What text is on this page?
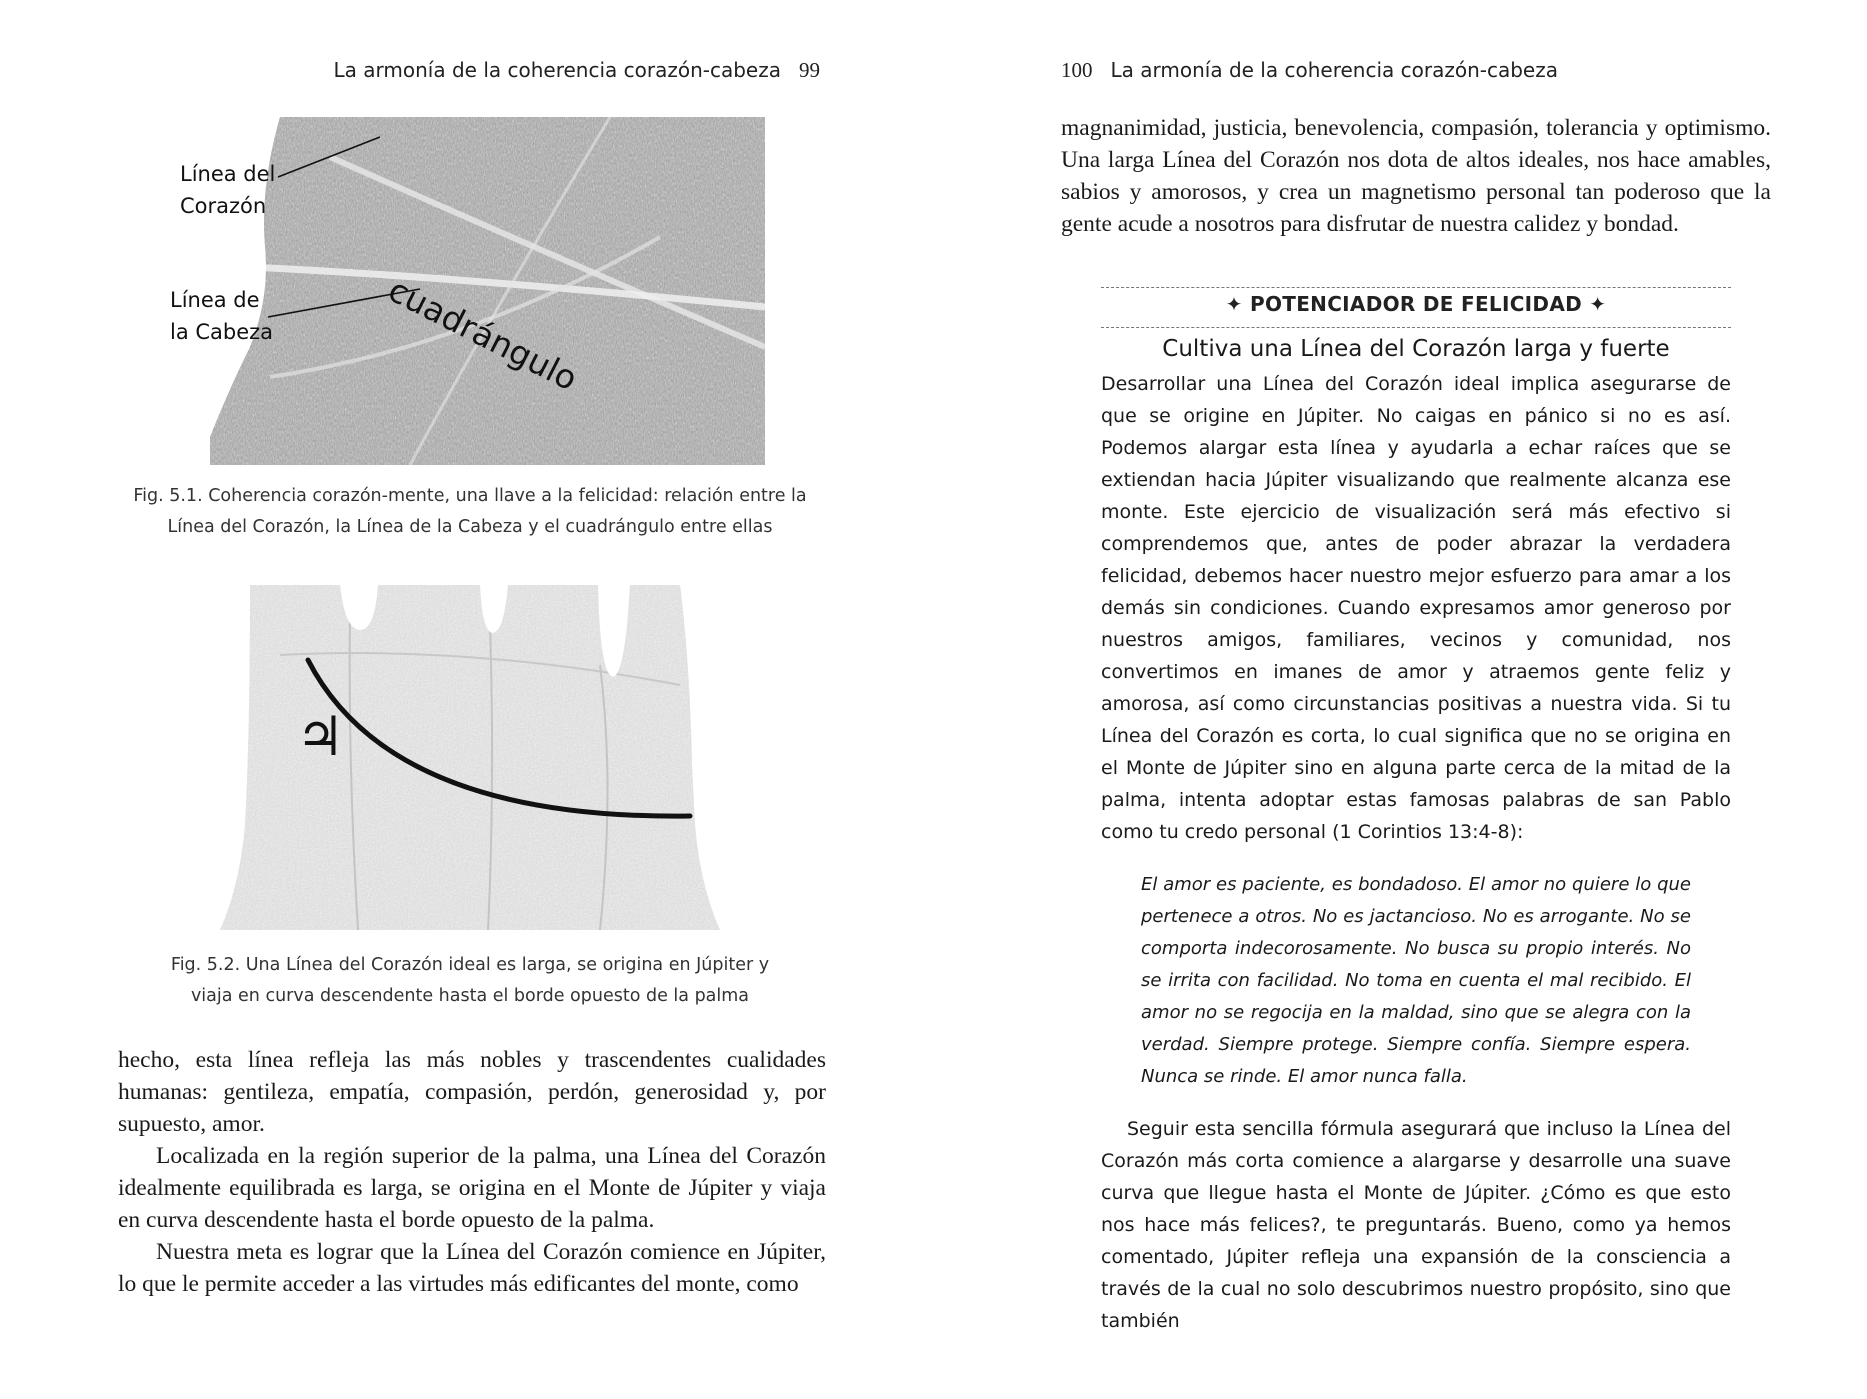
La armonía de la coherencia corazón-cabeza 99
Línea del
Corazón
Línea de
la Cabeza	cuadrángulo
Fig. 5.1. Coherencia corazón-mente, una llave a la felicidad: relación entre la
Línea del Corazón, la Línea de la Cabeza y el cuadrángulo entre ellas
♃
Fig. 5.2. Una Línea del Corazón ideal es larga, se origina en Júpiter y
viaja en curva descendente hasta el borde opuesto de la palma

hecho, esta línea refleja las más nobles y trascendentes cualidades humanas: gentileza, empatía, compasión, perdón, generosidad y, por supuesto, amor.

Localizada en la región superior de la palma, una Línea del Corazón idealmente equilibrada es larga, se origina en el Monte de Júpiter y viaja en curva descendente hasta el borde opuesto de la palma.

Nuestra meta es lograr que la Línea del Corazón comience en Júpiter, lo que le permite acceder a las virtudes más edificantes del monte, como

100 La armonía de la coherencia corazón-cabeza

magnanimidad, justicia, benevolencia, compasión, tolerancia y optimismo. Una larga Línea del Corazón nos dota de altos ideales, nos hace amables, sabios y amorosos, y crea un magnetismo personal tan poderoso que la gente acude a nosotros para disfrutar de nuestra calidez y bondad.

✦ POTENCIADOR DE FELICIDAD ✦
Cultiva una Línea del Corazón larga y fuerte

Desarrollar una Línea del Corazón ideal implica asegurarse de que se origine en Júpiter. No caigas en pánico si no es así. Podemos alargar esta línea y ayudarla a echar raíces que se extiendan hacia Júpiter visualizando que realmente alcanza ese monte. Este ejercicio de visualización será más efectivo si comprendemos que, antes de poder abrazar la verdadera felicidad, debemos hacer nuestro mejor esfuerzo para amar a los demás sin condiciones. Cuando expresamos amor generoso por nuestros amigos, familiares, vecinos y comunidad, nos convertimos en imanes de amor y atraemos gente feliz y amorosa, así como circunstancias positivas a nuestra vida. Si tu Línea del Corazón es corta, lo cual significa que no se origina en el Monte de Júpiter sino en alguna parte cerca de la mitad de la palma, intenta adoptar estas famosas palabras de san Pablo como tu credo personal (1 Corintios 13:4-8):

El amor es paciente, es bondadoso. El amor no quiere lo que pertenece a otros. No es jactancioso. No es arrogante. No se comporta indecorosamente. No busca su propio interés. No se irrita con facilidad. No toma en cuenta el mal recibido. El amor no se regocija en la maldad, sino que se alegra con la verdad. Siempre protege. Siempre confía. Siempre espera. Nunca se rinde. El amor nunca falla.

Seguir esta sencilla fórmula asegurará que incluso la Línea del Corazón más corta comience a alargarse y desarrolle una suave curva que llegue hasta el Monte de Júpiter. ¿Cómo es que esto nos hace más felices?, te preguntarás. Bueno, como ya hemos comentado, Júpiter refleja una expansión de la consciencia a través de la cual no solo descubrimos nuestro propósito, sino que también
